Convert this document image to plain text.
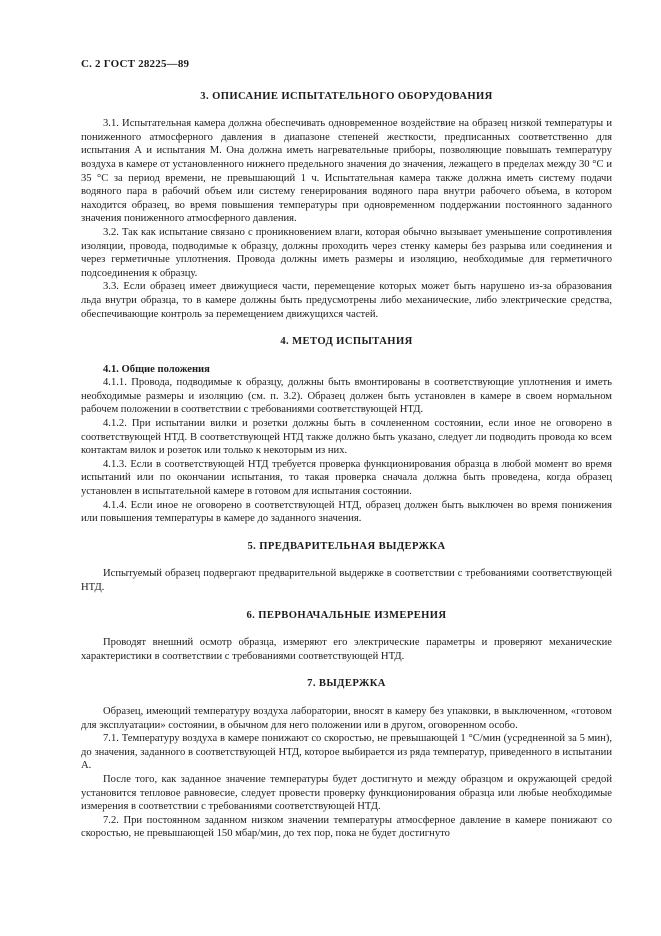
С. 2 ГОСТ 28225—89
3. ОПИСАНИЕ ИСПЫТАТЕЛЬНОГО ОБОРУДОВАНИЯ

3.1. Испытательная камера должна обеспечивать одновременное воздействие на образец низкой температуры и пониженного атмосферного давления в диапазоне степеней жесткости, предписанных соответственно для испытания А и испытания М. Она должна иметь нагревательные приборы, позволяющие повышать температуру воздуха в камере от установленного нижнего предельного значения до значения, лежащего в пределах между 30 °С и 35 °С за период времени, не превышающий 1 ч. Испытательная камера также должна иметь систему подачи водяного пара в рабочий объем или систему генерирования водяного пара внутри рабочего объема, в котором находится образец, во время повышения температуры при одновременном поддержании постоянного заданного значения пониженного атмосферного давления.

3.2. Так как испытание связано с проникновением влаги, которая обычно вызывает уменьшение сопротивления изоляции, провода, подводимые к образцу, должны проходить через стенку камеры без разрыва или соединения и через герметичные уплотнения. Провода должны иметь размеры и изоляцию, необходимые для герметичного подсоединения к образцу.

3.3. Если образец имеет движущиеся части, перемещение которых может быть нарушено из-за образования льда внутри образца, то в камере должны быть предусмотрены либо механические, либо электрические средства, обеспечивающие контроль за перемещением движущихся частей.

4. МЕТОД ИСПЫТАНИЯ
4.1. Общие положения

4.1.1. Провода, подводимые к образцу, должны быть вмонтированы в соответствующие уплотнения и иметь необходимые размеры и изоляцию (см. п. 3.2). Образец должен быть установлен в камере в своем нормальном рабочем положении в соответствии с требованиями соответствующей НТД.

4.1.2. При испытании вилки и розетки должны быть в сочлененном состоянии, если иное не оговорено в соответствующей НТД. В соответствующей НТД также должно быть указано, следует ли подводить провода ко всем контактам вилок и розеток или только к некоторым из них.

4.1.3. Если в соответствующей НТД требуется проверка функционирования образца в любой момент во время испытаний или по окончании испытания, то такая проверка сначала должна быть проведена, когда образец установлен в испытательной камере в готовом для испытания состоянии.

4.1.4. Если иное не оговорено в соответствующей НТД, образец должен быть выключен во время понижения или повышения температуры в камере до заданного значения.

5. ПРЕДВАРИТЕЛЬНАЯ ВЫДЕРЖКА

Испытуемый образец подвергают предварительной выдержке в соответствии с требованиями соответствующей НТД.

6. ПЕРВОНАЧАЛЬНЫЕ ИЗМЕРЕНИЯ

Проводят внешний осмотр образца, измеряют его электрические параметры и проверяют механические характеристики в соответствии с требованиями соответствующей НТД.

7. ВЫДЕРЖКА

Образец, имеющий температуру воздуха лаборатории, вносят в камеру без упаковки, в выключенном, «готовом для эксплуатации» состоянии, в обычном для него положении или в другом, оговоренном особо.

7.1. Температуру воздуха в камере понижают со скоростью, не превышающей 1 °С/мин (усредненной за 5 мин), до значения, заданного в соответствующей НТД, которое выбирается из ряда температур, приведенного в испытании А.

После того, как заданное значение температуры будет достигнуто и между образцом и окружающей средой установится тепловое равновесие, следует провести проверку функционирования образца или любые необходимые измерения в соответствии с требованиями соответствующей НТД.

7.2. При постоянном заданном низком значении температуры атмосферное давление в камере понижают со скоростью, не превышающей 150 мбар/мин, до тех пор, пока не будет достигнуто
